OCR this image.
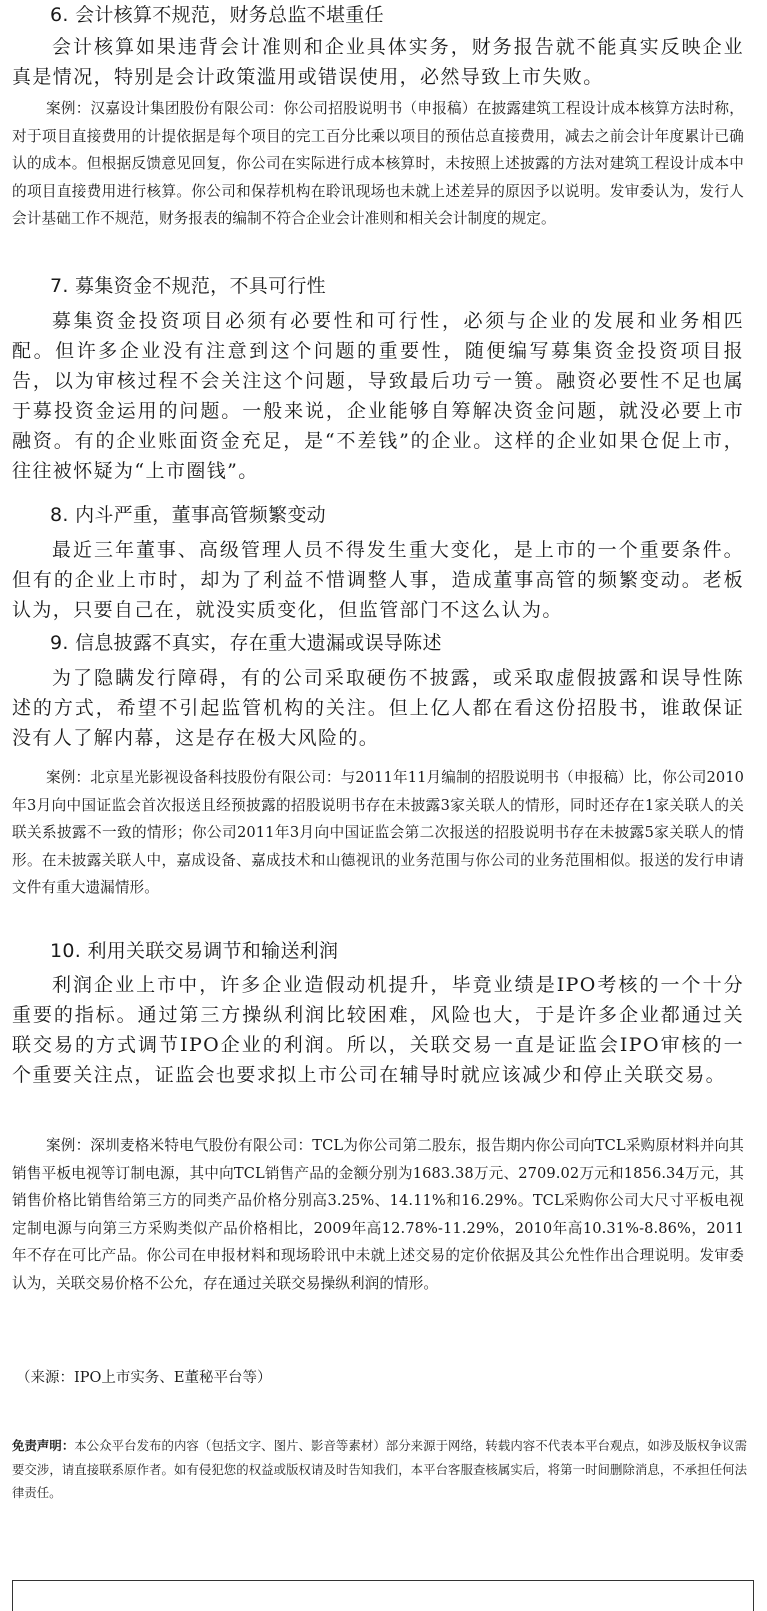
6. 会计核算不规范，财务总监不堪重任

会计核算如果违背会计准则和企业具体实务，财务报告就不能真实反映企业真是情况，特别是会计政策滥用或错误使用，必然导致上市失败。

案例：汉嘉设计集团股份有限公司：你公司招股说明书（申报稿）在披露建筑工程设计成本核算方法时称，对于项目直接费用的计提依据是每个项目的完工百分比乘以项目的预估总直接费用，减去之前会计年度累计已确认的成本。但根据反馈意见回复，你公司在实际进行成本核算时，未按照上述披露的方法对建筑工程设计成本中的项目直接费用进行核算。你公司和保荐机构在聆讯现场也未就上述差异的原因予以说明。发审委认为，发行人会计基础工作不规范，财务报表的编制不符合企业会计准则和相关会计制度的规定。

7. 募集资金不规范，不具可行性

募集资金投资项目必须有必要性和可行性，必须与企业的发展和业务相匹配。但许多企业没有注意到这个问题的重要性，随便编写募集资金投资项目报告，以为审核过程不会关注这个问题，导致最后功亏一篑。融资必要性不足也属于募投资金运用的问题。一般来说，企业能够自筹解决资金问题，就没必要上市融资。有的企业账面资金充足，是“不差钱”的企业。这样的企业如果仓促上市，往往被怀疑为“上市圈钱”。

8. 内斗严重，董事高管频繁变动

最近三年董事、高级管理人员不得发生重大变化，是上市的一个重要条件。但有的企业上市时，却为了利益不惜调整人事，造成董事高管的频繁变动。老板认为，只要自己在，就没实质变化，但监管部门不这么认为。

9. 信息披露不真实，存在重大遗漏或误导陈述

为了隐瞒发行障碍，有的公司采取硬伤不披露，或采取虚假披露和误导性陈述的方式，希望不引起监管机构的关注。但上亿人都在看这份招股书，谁敢保证没有人了解内幕，这是存在极大风险的。

案例：北京星光影视设备科技股份有限公司：与2011年11月编制的招股说明书（申报稿）比，你公司2010年3月向中国证监会首次报送且经预披露的招股说明书存在未披露3家关联人的情形，同时还存在1家关联人的关联关系披露不一致的情形；你公司2011年3月向中国证监会第二次报送的招股说明书存在未披露5家关联人的情形。在未披露关联人中，嘉成设备、嘉成技术和山德视讯的业务范围与你公司的业务范围相似。报送的发行申请文件有重大遗漏情形。

10. 利用关联交易调节和输送利润

利润企业上市中，许多企业造假动机提升，毕竟业绩是IPO考核的一个十分重要的指标。通过第三方操纵利润比较困难，风险也大，于是许多企业都通过关联交易的方式调节IPO企业的利润。所以，关联交易一直是证监会IPO审核的一个重要关注点，证监会也要求拟上市公司在辅导时就应该减少和停止关联交易。

案例：深圳麦格米特电气股份有限公司：TCL为你公司第二股东，报告期内你公司向TCL采购原材料并向其销售平板电视等订制电源，其中向TCL销售产品的金额分别为1683.38万元、2709.02万元和1856.34万元，其销售价格比销售给第三方的同类产品价格分别高3.25%、14.11%和16.29%。TCL采购你公司大尺寸平板电视定制电源与向第三方采购类似产品价格相比，2009年高12.78%-11.29%，2010年高10.31%-8.86%，2011年不存在可比产品。你公司在申报材料和现场聆讯中未就上述交易的定价依据及其公允性作出合理说明。发审委认为，关联交易价格不公允，存在通过关联交易操纵利润的情形。

（来源：IPO上市实务、E董秘平台等）

免责声明：本公众平台发布的内容（包括文字、图片、影音等素材）部分来源于网络，转载内容不代表本平台观点，如涉及版权争议需要交涉，请直接联系原作者。如有侵犯您的权益或版权请及时告知我们，本平台客服查核属实后，将第一时间删除消息，不承担任何法律责任。
